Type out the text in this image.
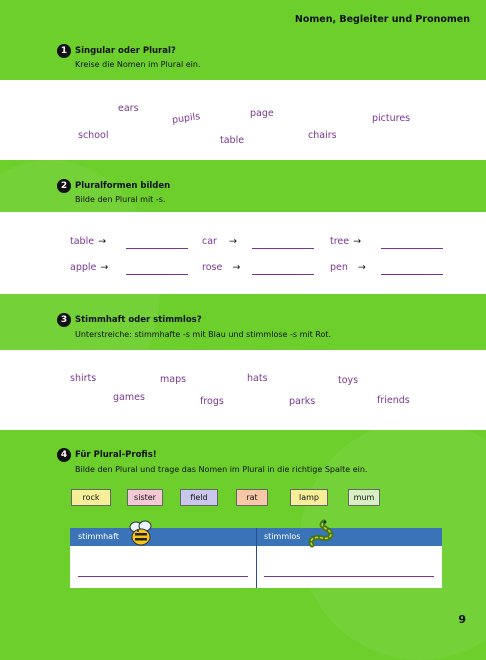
Nomen, Begleiter und Pronomen
1 Singular oder Plural?
Kreise die Nomen im Plural ein.
ears
pupils	page	pictures
school	table	chairs
2 Pluralformen bilden
Bilde den Plural mit -s.
table →	car →	tree →
apple →	rose →	pen →
3 Stimmhaft oder stimmlos?
Unterstreiche: stimmhafte -s mit Blau und stimmlose -s mit Rot.
shirts	maps	hats	toys
games	frogs	parks	friends
4 Für Plural-Profis!
Bilde den Plural und trage das Nomen im Plural in die richtige Spalte ein.
rock	sister	field	rat	lamp	mum
stimmhaft	stimmlos
9
